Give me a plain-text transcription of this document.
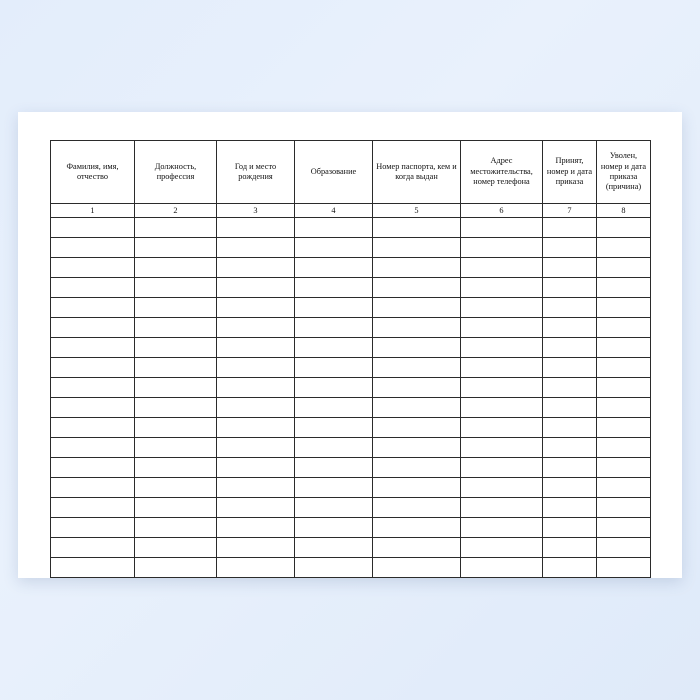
Фамилия, имя, отчество	Должность, профессия	Год и место рождения	Образование	Номер паспорта, кем и когда выдан	Адрес местожительства, номер телефона	Принят, номер и дата приказа	Уволен, номер и дата приказа (причина)
1	2	3	4	5	6	7	8
